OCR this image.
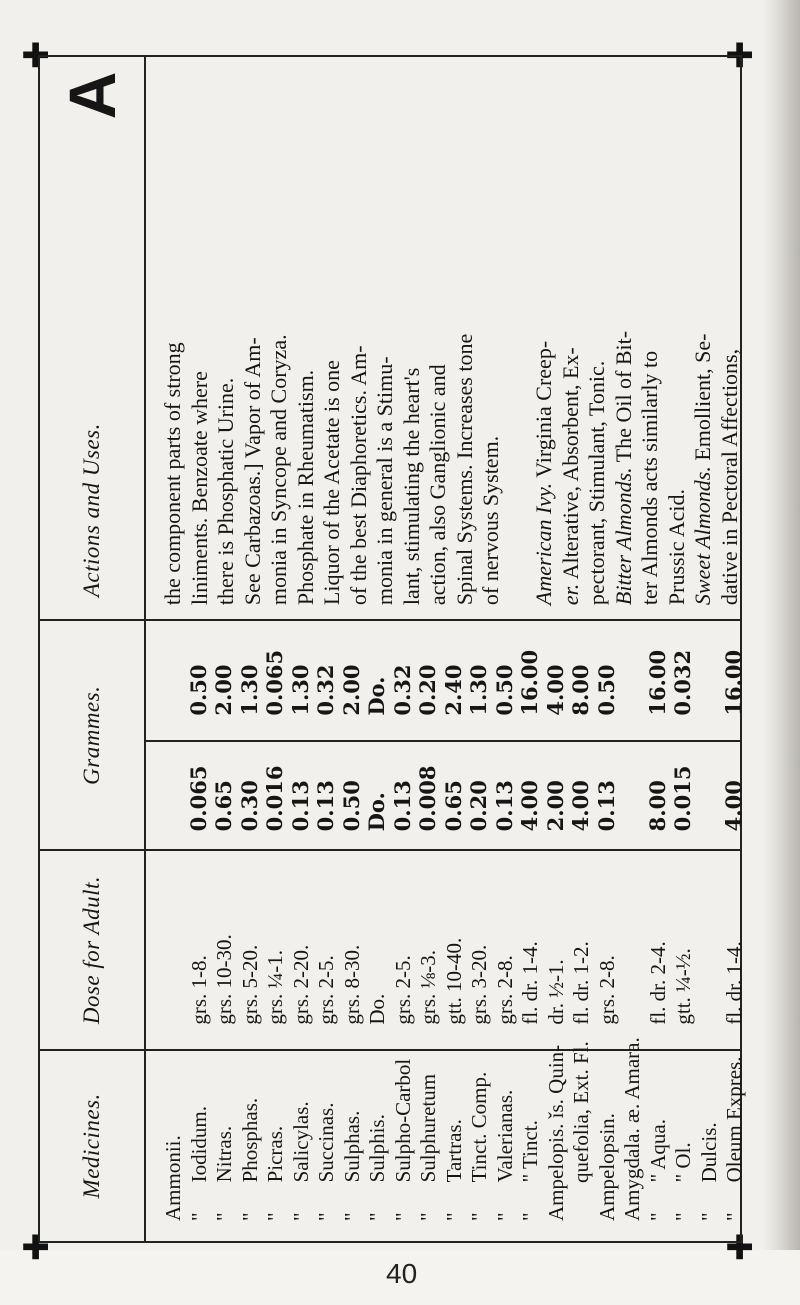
40
✚
✚
✚
✚
Medicines.
Dose for Adult.
Grammes.
Actions and Uses.
A
Ammonii. "Iodidum.
"Nitras.
"Phosphas.
"Picras.
"Salicylas.
"Succinas.
"Sulphas.
"Sulphis.
"Sulpho-Carbol
"Sulphuretum
"Tartras.
"Tinct. Comp.
"Valerianas.
"" Tinct. Ampelopis. ǐs. Quin- quefolia, Ext. Fl. Ampelopsin. Amygdala. æ. Amara. "" Aqua.
"" Ol.
"Dulcis.
"Oleum Expres.
grs. 1-8. grs. 10-30. grs. 5-20. grs. ¼-1. grs. 2-20. grs. 2-5. grs. 8-30. Do. grs. 2-5. grs. ⅛-3. gtt. 10-40. grs. 3-20. grs. 2-8. fl. dr. 1-4. dr. ½-1. fl. dr. 1-2. grs. 2-8. fl. dr. 2-4. gtt. ¼-½. fl. dr. 1-4.
0.065 0.65 0.30 0.016 0.13 0.13 0.50 Do. 0.13 0.008 0.65 0.20 0.13 4.00 2.00 4.00 0.13 8.00 0.015 4.00
0.50 2.00 1.30 0.065 1.30 0.32 2.00 Do. 0.32 0.20 2.40 1.30 0.50 16.00 4.00 8.00 0.50 16.00 0.032 16.00
the component parts of strong liniments. Benzoate where there is Phosphatic Urine. See Carbazoas.] Vapor of Am- monia in Syncope and Coryza. Phosphate in Rheumatism. Liquor of the Acetate is one of the best Diaphoretics. Am- monia in general is a Stimu- lant, stimulating the heart's action, also Ganglionic and Spinal Systems. Increases tone of nervous System. American Ivy. Virginia Creep-
er. Alterative, Absorbent, Ex- pectorant, Stimulant, Tonic. Bitter Almonds. The Oil of Bit- ter Almonds acts similarly to Prussic Acid. Sweet Almonds. Emollient, Se- dative in Pectoral Affections,
